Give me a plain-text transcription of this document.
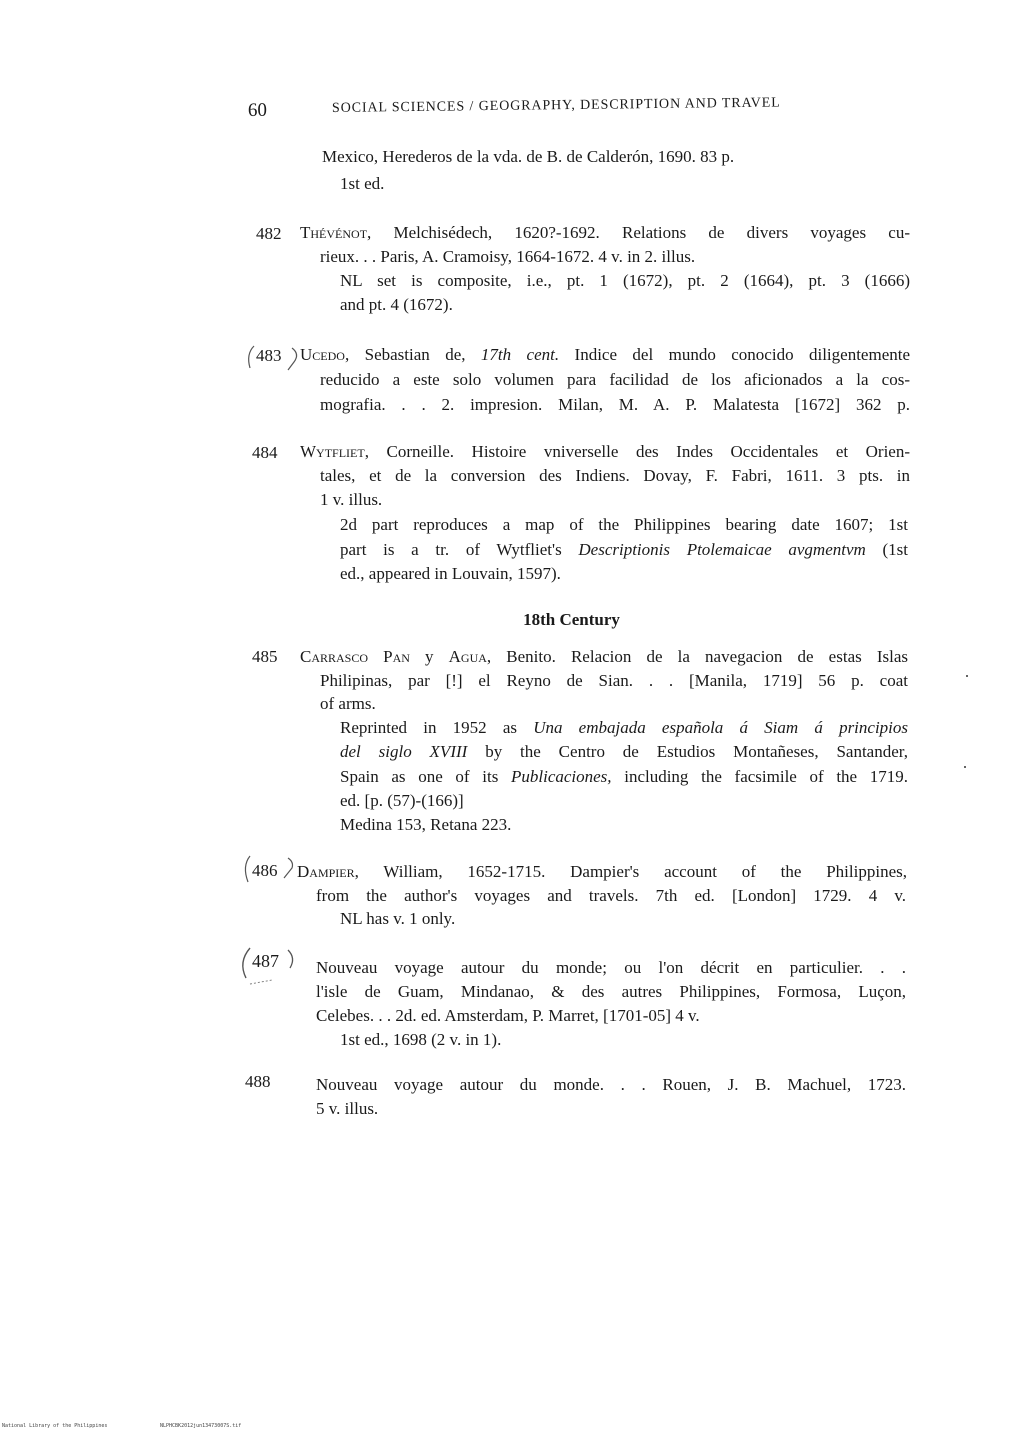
60	SOCIAL SCIENCES / GEOGRAPHY, DESCRIPTION AND TRAVEL
Mexico, Herederos de la vda. de B. de Calderón, 1690. 83 p.
1st ed.
482 Thévénot, Melchisédech, 1620?-1692. Relations de divers voyages cu-
rieux. . . Paris, A. Cramoisy, 1664-1672. 4 v. in 2. illus.
NL set is composite, i.e., pt. 1 (1672), pt. 2 (1664), pt. 3 (1666)
and pt. 4 (1672).
483 Ucedo, Sebastian de, 17th cent. Indice del mundo conocido diligentemente
reducido a este solo volumen para facilidad de los aficionados a la cos-
mografia. . . 2. impresion. Milan, M. A. P. Malatesta [1672] 362 p.
484 Wytfliet, Corneille. Histoire vniverselle des Indes Occidentales et Orien-
tales, et de la conversion des Indiens. Dovay, F. Fabri, 1611. 3 pts. in
1 v. illus.
2d part reproduces a map of the Philippines bearing date 1607; 1st
part is a tr. of Wytfliet's Descriptionis Ptolemaicae avgmentvm (1st
ed., appeared in Louvain, 1597).
18th Century
485 Carrasco Pan y Agua, Benito. Relacion de la navegacion de estas Islas
Philipinas, par [!] el Reyno de Sian. . . [Manila, 1719] 56 p. coat
of arms.
Reprinted in 1952 as Una embajada española á Siam á principios
del siglo XVIII by the Centro de Estudios Montañeses, Santander,
Spain as one of its Publicaciones, including the facsimile of the 1719.
ed. [p. (57)-(166)]
Medina 153, Retana 223.
486 Dampier, William, 1652-1715. Dampier's account of the Philippines,
from the author's voyages and travels. 7th ed. [London] 1729. 4 v.
NL has v. 1 only.
487 Nouveau voyage autour du monde; ou l'on décrit en particulier. . .
l'isle de Guam, Mindanao, & des autres Philippines, Formosa, Luçon,
Celebes. . . 2d. ed. Amsterdam, P. Marret, [1701-05] 4 v.
1st ed., 1698 (2 v. in 1).
488	Nouveau voyage autour du monde. . . Rouen, J. B. Machuel, 1723.
5 v. illus.
National Library of the Philippines	NLPHCBK2012jun13473007S.tif
